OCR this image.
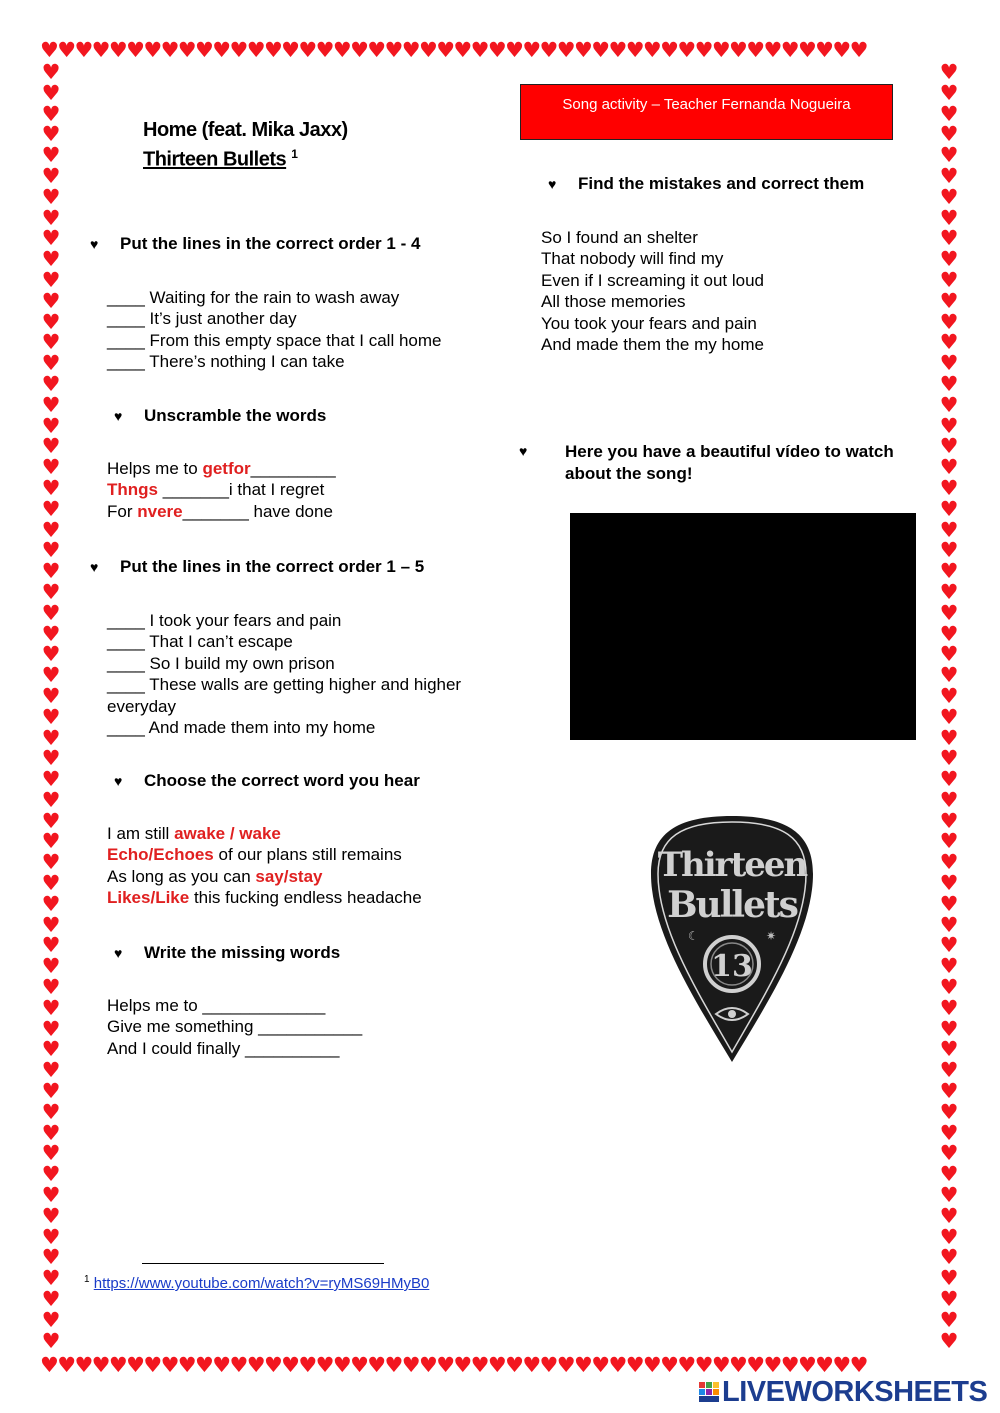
♥♥♥♥♥♥♥♥♥♥♥♥♥♥♥♥♥♥♥♥♥♥♥♥♥♥♥♥♥♥♥♥♥♥♥♥♥♥♥♥♥♥♥♥♥♥♥♥
♥♥♥♥♥♥♥♥♥♥♥♥♥♥♥♥♥♥♥♥♥♥♥♥♥♥♥♥♥♥♥♥♥♥♥♥♥♥♥♥♥♥♥♥♥♥♥♥
♥♥♥♥♥♥♥♥♥♥♥♥♥♥♥♥♥♥♥♥♥♥♥♥♥♥♥♥♥♥♥♥♥♥♥♥♥♥♥♥♥♥♥♥♥♥♥♥♥♥♥♥♥♥♥♥♥♥♥♥♥♥
♥♥♥♥♥♥♥♥♥♥♥♥♥♥♥♥♥♥♥♥♥♥♥♥♥♥♥♥♥♥♥♥♥♥♥♥♥♥♥♥♥♥♥♥♥♥♥♥♥♥♥♥♥♥♥♥♥♥♥♥♥♥
Home (feat. Mika Jaxx)
Thirteen Bullets $^1$
Song activity – Teacher Fernanda Nogueira
♥ Put the lines in the correct order 1 - 4
____ Waiting for the rain to wash away
____ It’s just another day
____ From this empty space that I call home
____ There’s nothing I can take
♥ Unscramble the words
Helps me to getfor_________
Thngs _______i that I regret
For nvere_______ have done
♥ Put the lines in the correct order 1 – 5
____ I took your fears and pain
____ That I can’t escape
____ So I build my own prison
____ These walls are getting higher and higher
everyday
____ And made them into my home
♥ Choose the correct word you hear
I am still awake / wake
Echo/Echoes of our plans still remains
As long as you can say/stay
Likes/Like this fucking endless headache
♥ Write the missing words
Helps me to _____________
Give me something ___________
And I could finally __________
♥ Find the mistakes and correct them
So I found an shelter
That nobody will find my
Even if I screaming it out loud
All those memories
You took your fears and pain
And made them the my home
♥ Here you have a beautiful vídeo to watch
about the song!
Thirteen
Bullets
☾	✷
13
$^1$ https://www.youtube.com/watch?v=ryMS69HMyB0
LIVEWORKSHEETS
